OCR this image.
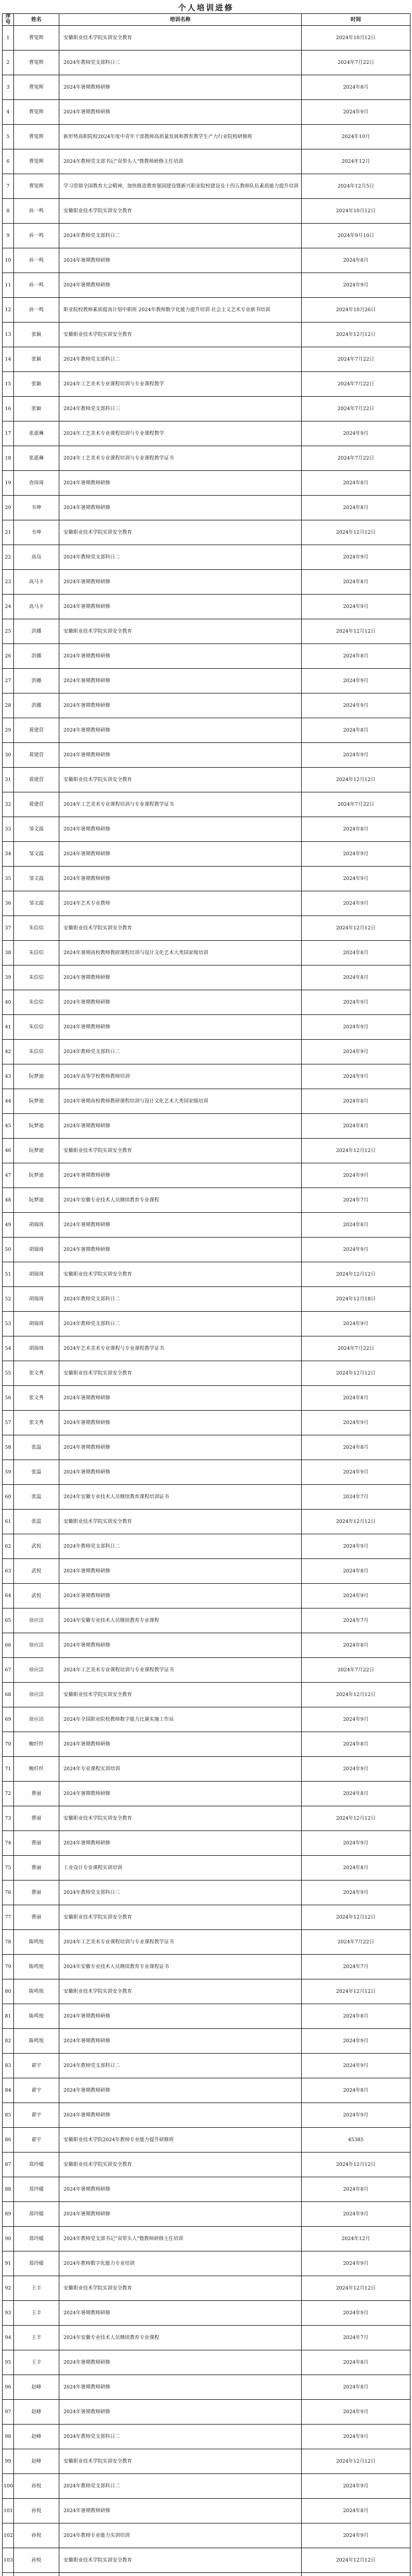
个人培训进修
序号	姓名	培训名称	时间
1	曹笕辉	安徽职业技术学院实训安全教育	2024年10月12日
2	曹笕辉	2024年教师党支部科日三	2024年7月22日
3	曹笕辉	2024年暑期教师研修	2024年8月
4	曹笕辉	2024年暑期教师研修	2024年9月
5	曹笕辉	新形势高职院校2024年度中青年干部教师高质量发展和教育教学生产力行业院校研修班	2024年10月
6	曹笕辉	2024年教师党支部书记"双带头人"暨教师研修主任培训	2024年12月
7	曹笕辉	学习贯彻全国教育大会精神，加快推进教育强国建设暨新兴职业院校建设及十四五教师队伍素质能力提升培训	2024年12月5日
8	孙一鸣	安徽职业技术学院实训安全教育	2024年10月12日
9	孙一鸣	2024年教师党支部科日二	2024年9月10日
10	孙一鸣	2024年暑期教师研修	2024年8月
11	孙一鸣	2024年暑期教师研修	2024年9月
12	孙一鸣	职业院校教师素质提高计划中职班 2024年教师数字化能力提升培训 社会主义艺术专业新书培训	2024年10月26日
13	张颖	安徽职业技术学院实训安全教育	2024年12月12日
14	张颖	2024年教师党支部科日二	2024年7月22日
15	张颖	2024年工艺美术专业课程培训与专业课程教学	2024年7月22日
16	张颖	2024年教师党支部科日三	2024年7月22日
17	张惠琳	2024年工艺美术专业课程培训与专业课程教学	2024年9月
18	张惠琳	2024年工艺美术专业课程培训与专业课程教学证书	2024年7月22日
19	查琦琦	2024年暑期教师研修	2024年8月
20	韦坤	2024年暑期教师研修	2024年8月
21	韦坤	安徽职业技术学院实训安全教育	2024年12月12日
22	高岛	2024年教师党支部科日二	2024年9月
23	高马卡	2024年暑期教师研修	2024年8月
24	高马卡	2024年暑期教师研修	2024年9月
25	洪娜	安徽职业技术学院实训安全教育	2024年12月12日
26	洪娜	2024年暑期教师研修	2024年8月
27	洪娜	2024年暑期教师研修	2024年9月
28	洪娜	2024年暑期教师研修	2024年9月
29	黄建营	2024年暑期教师研修	2024年8月
30	黄建营	2024年暑期教师研修	2024年9月
31	黄建营	安徽职业技术学院实训安全教育	2024年12月12日
32	黄建营	2024年工艺美术专业课程培训与专业课程教学证书	2024年7月22日
33	邹文霞	2024年暑期教师研修	2024年8月
34	邹文霞	2024年暑期教师研修	2024年9月
35	邹文霞	2024年暑期教师研修	2024年9月
36	邹文霞	2024年艺术专业教师	2024年9月
37	朱信信	安徽职业技术学院实训安全教育	2024年12月12日
38	朱信信	2024年暑期高校教师教研课程培训与设计文化艺术大类国家级培训	2024年8月
39	朱信信	2024年暑期教师研修	2024年8月
40	朱信信	2024年暑期教师研修	2024年9月
41	朱信信	2024年暑期教师研修	2024年9月
42	朱信信	2024年教师党支部科日二	2024年9月
43	阮梦迪	2024年高等学校教师教师培训	2024年9月
44	阮梦迪	2024年暑期高校教师教研课程培训与设计文化艺术大类国家级培训	2024年8月
45	阮梦迪	2024年暑期教师研修	2024年8月
46	阮梦迪	安徽职业技术学院实训安全教育	2024年12月12日
47	阮梦迪	2024年暑期教师研修	2024年9月
48	阮梦迪	2024年安徽专业技术人员继续教育专业课程	2024年7月
49	胡瑞琦	2024年暑期教师研修	2024年8月
50	胡瑞琦	2024年暑期教师研修	2024年9月
51	胡瑞琦	安徽职业技术学院实训安全教育	2024年12月12日
52	胡瑞琦	2024年教师党支部科日二	2024年12月18日
53	胡瑞琦	2024年教师党支部科日二	2024年9月
54	胡瑞琦	2024年艺术美术专业课程与专业课程教学证书	2024年7月22日
55	张文秀	安徽职业技术学院实训安全教育	2024年12月12日
56	张文秀	2024年暑期教师研修	2024年8月
57	张文秀	2024年暑期教师研修	2024年9月
58	张温	2024年暑期教师研修	2024年8月
59	张温	2024年暑期教师研修	2024年9月
60	张温	2024年安徽专业技术人员继续教育课程培训证书	2024年7月
61	张温	安徽职业技术学院实训安全教育	2024年12月12日
62	武悦	2024年教师党支部科日二	2024年9月
63	武悦	2024年暑期教师研修	2024年8月
64	武悦	2024年暑期教师研修	2024年9月
65	徐应洁	2024年安徽专业技术人员继续教育专业课程	2024年7月
66	徐应洁	2024年暑期教师研修	2024年8月
67	徐应洁	2024年工艺美术专业课程培训与专业课程教学证书	2024年7月22日
68	徐应洁	安徽职业技术学院实训安全教育	2024年12月12日
69	徐应洁	2024年全国职业院校教师数字能力比赛实施工作站	2024年9月
70	鲍纤纤	2024年暑期教师研修	2024年8月
71	鲍纤纤	2024年专业课程实训培训	2024年9月
72	曹丽	2024年暑期教师研修	2024年8月
73	曹丽	安徽职业技术学院实训安全教育	2024年12月12日
74	曹丽	2024年暑期教师研修	2024年9月
75	曹丽	工业设计专业课程实训培训	2024年8月
76	曹丽	2024年教师党支部科日三	2024年9月
77	曹丽	安徽职业技术学院实训安全教育	2024年12月12日
78	陈鸣悦	2024年工艺美术专业课程培训与专业课程教学证书	2024年7月22日
79	陈鸣悦	2024年安徽专业技术人员继续教育专业课程证书	2024年7月
80	陈鸣悦	安徽职业技术学院实训安全教育	2024年12月12日
81	陈鸣悦	2024年暑期教师研修	2024年8月
82	陈鸣悦	2024年暑期教师研修	2024年9月
83	翟宇	2024年教师党支部科日二	2024年9月
84	翟宇	2024年暑期教师研修	2024年8月
85	翟宇	2024年暑期教师研修	2024年9月
86	翟宇	安徽职业技术学院2024年教师专业能力提升研修班	45385
87	郑玲媛	安徽职业技术学院实训安全教育	2024年12月12日
88	郑玲媛	2024年暑期教师研修	2024年8月
89	郑玲媛	2024年暑期教师研修	2024年9月
90	郑玲媛	2024年教师党支部书记"双带头人"暨教师研修主任培训	2024年12月
91	郑玲媛	2024年教师数字化能力专业培训	2024年9月
92	王丰	安徽职业技术学院实训安全教育	2024年12月12日
93	王丰	2024年暑期教师研修	2024年9月
94	王丰	2024年安徽专业技术人员继续教育专业课程	2024年7月
95	王丰	2024年暑期教师研修	2024年8月
96	赵峰	2024年暑期教师研修	2024年8月
97	赵峰	2024年暑期教师研修	2024年9月
98	赵峰	2024年教师党支部科日二	2024年9月
99	赵峰	安徽职业技术学院实训安全教育	2024年12月12日
100	孙悦	2024年教师党支部科日二	2024年9月
101	孙悦	2024年暑期教师研修	2024年8月
102	孙悦	2024年教师专业能力实训培训	2024年9月
103	孙悦	安徽职业技术学院实训安全教育	2024年12月12日
